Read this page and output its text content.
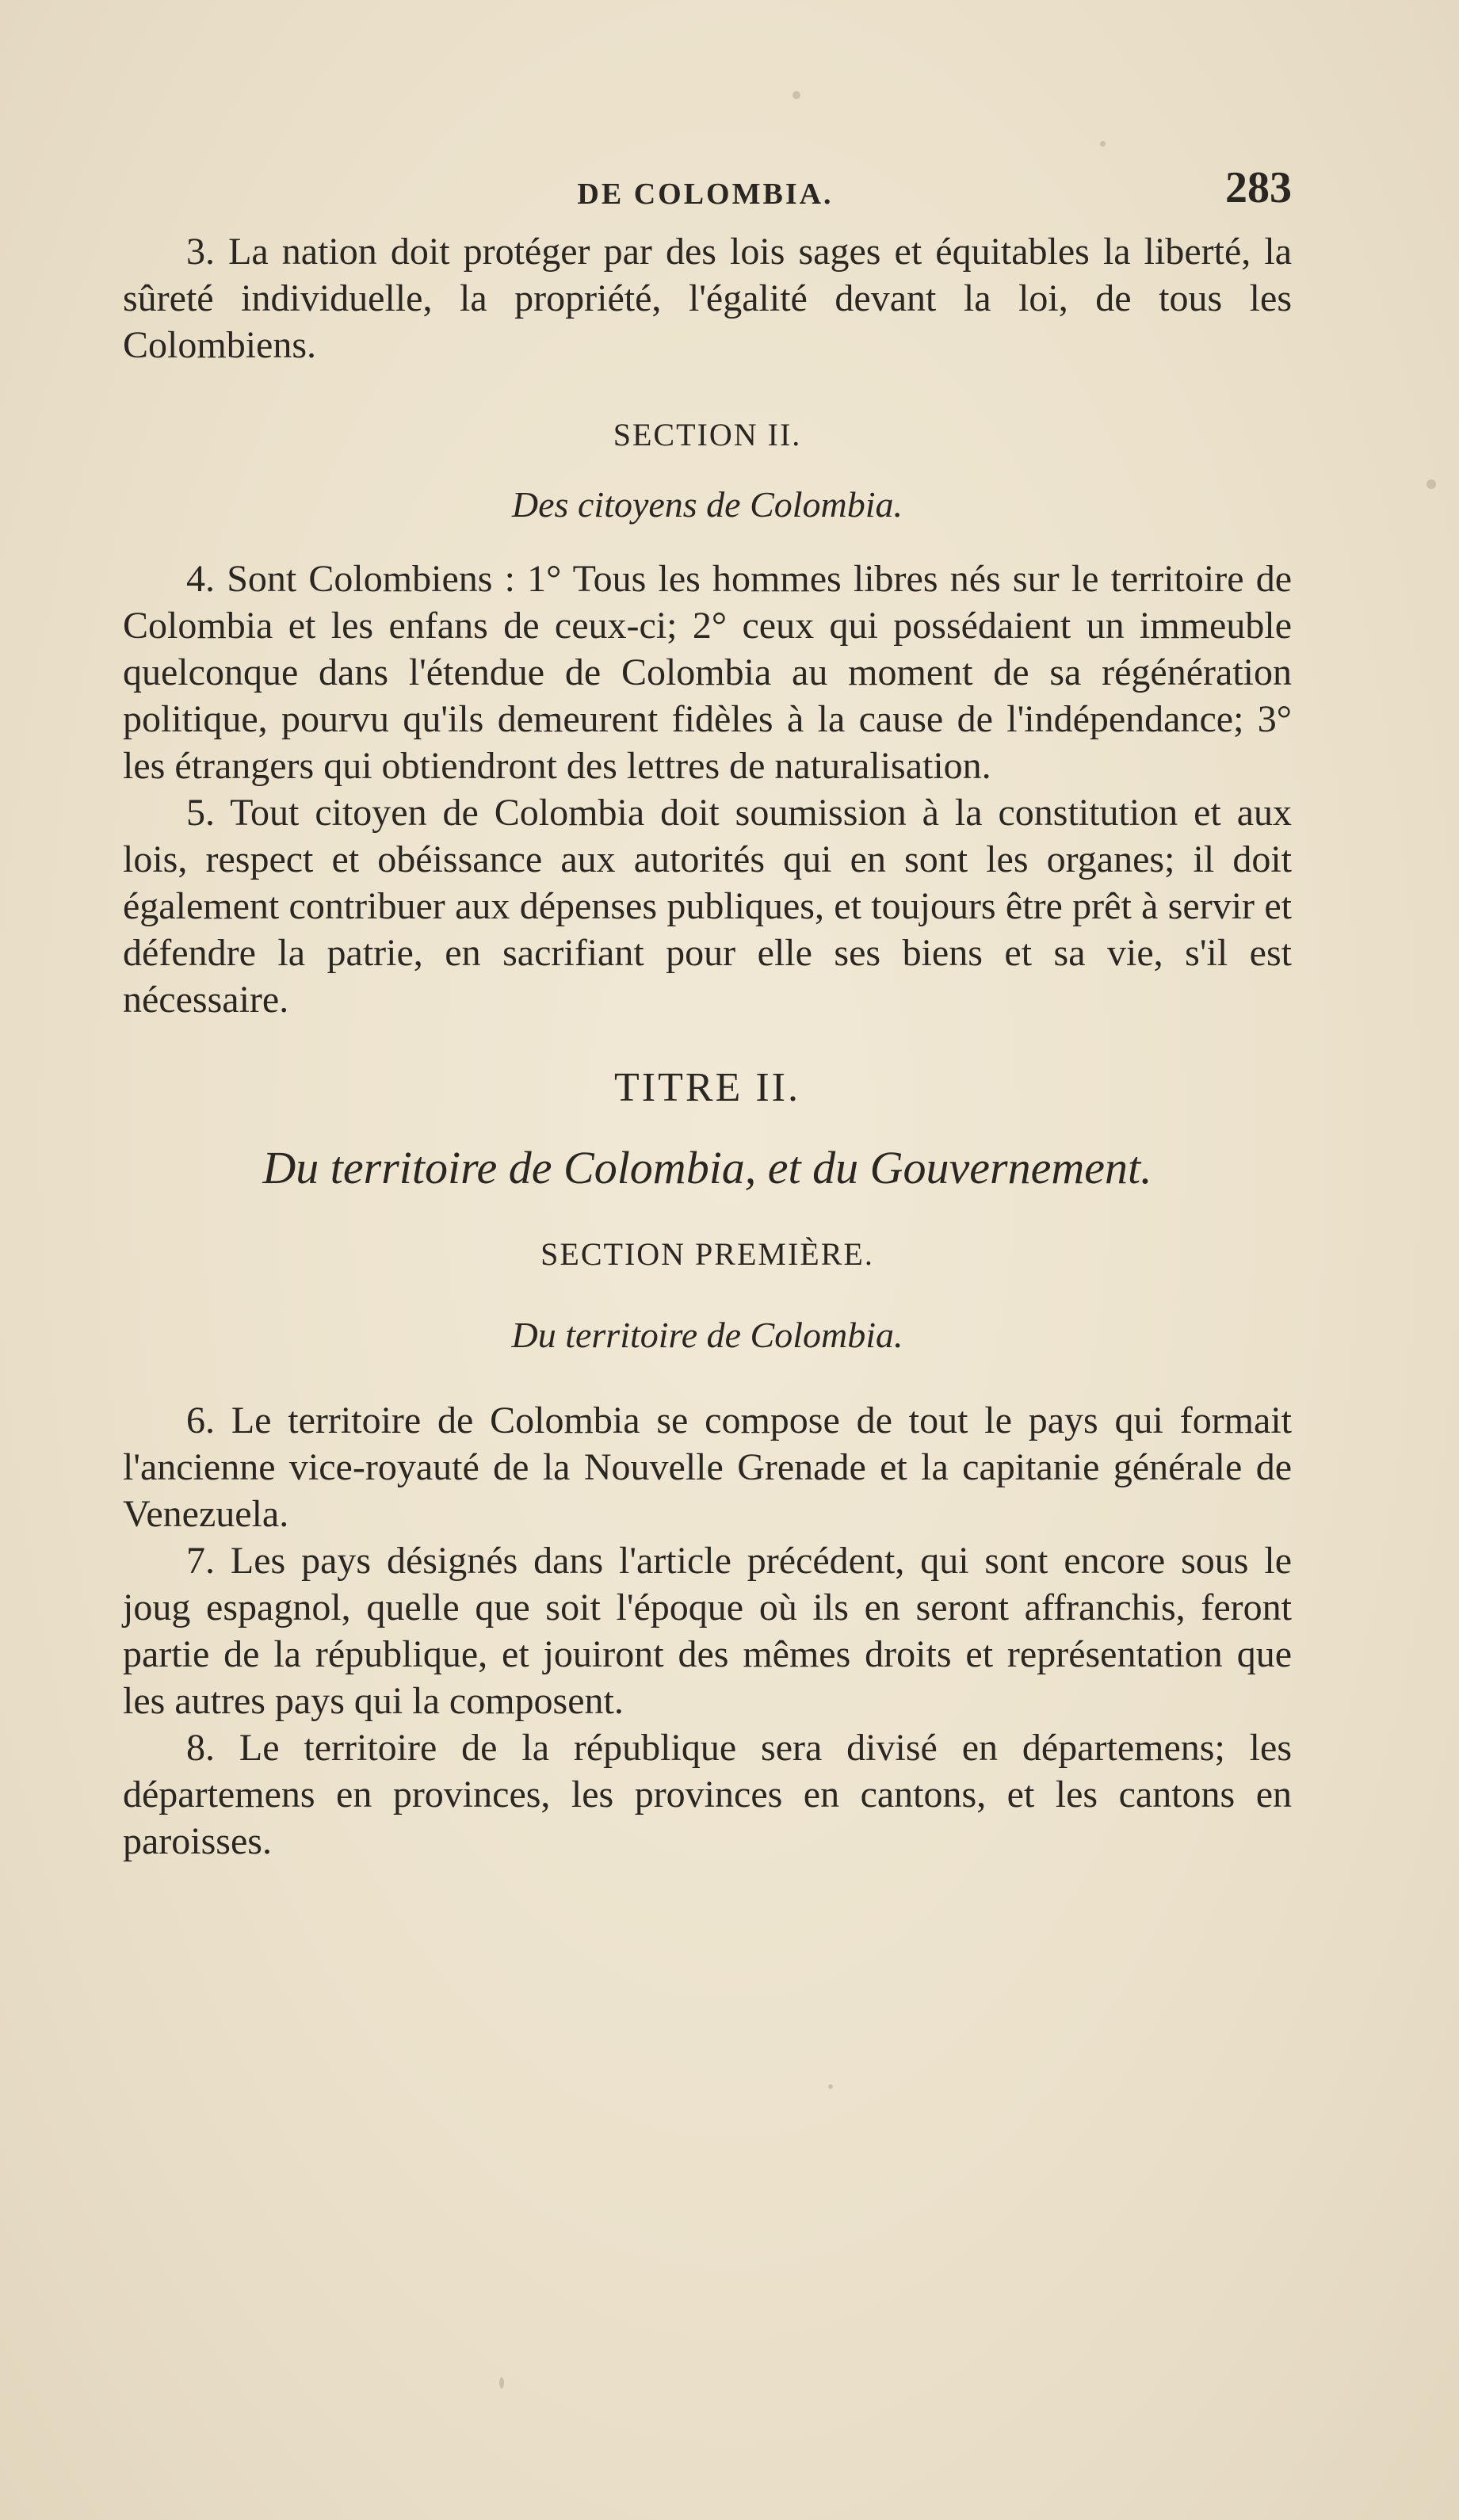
DE COLOMBIA.	283

3. La nation doit protéger par des lois sages et équitables la liberté, la sûreté individuelle, la propriété, l'égalité devant la loi, de tous les Colombiens.

SECTION II.

Des citoyens de Colombia.

4. Sont Colombiens : 1° Tous les hommes libres nés sur le territoire de Colombia et les enfans de ceux-ci; 2° ceux qui possédaient un immeuble quelconque dans l'étendue de Colombia au moment de sa régénération politique, pourvu qu'ils demeurent fidèles à la cause de l'indépendance; 3° les étrangers qui obtiendront des lettres de naturalisation.

5. Tout citoyen de Colombia doit soumission à la constitution et aux lois, respect et obéissance aux autorités qui en sont les organes; il doit également contribuer aux dépenses publiques, et toujours être prêt à servir et défendre la patrie, en sacrifiant pour elle ses biens et sa vie, s'il est nécessaire.

TITRE II.

Du territoire de Colombia, et du Gouvernement.

SECTION PREMIÈRE.

Du territoire de Colombia.

6. Le territoire de Colombia se compose de tout le pays qui formait l'ancienne vice-royauté de la Nouvelle Grenade et la capitanie générale de Venezuela.

7. Les pays désignés dans l'article précédent, qui sont encore sous le joug espagnol, quelle que soit l'époque où ils en seront affranchis, feront partie de la république, et jouiront des mêmes droits et représentation que les autres pays qui la composent.

8. Le territoire de la république sera divisé en départemens; les départemens en provinces, les provinces en cantons, et les cantons en paroisses.
